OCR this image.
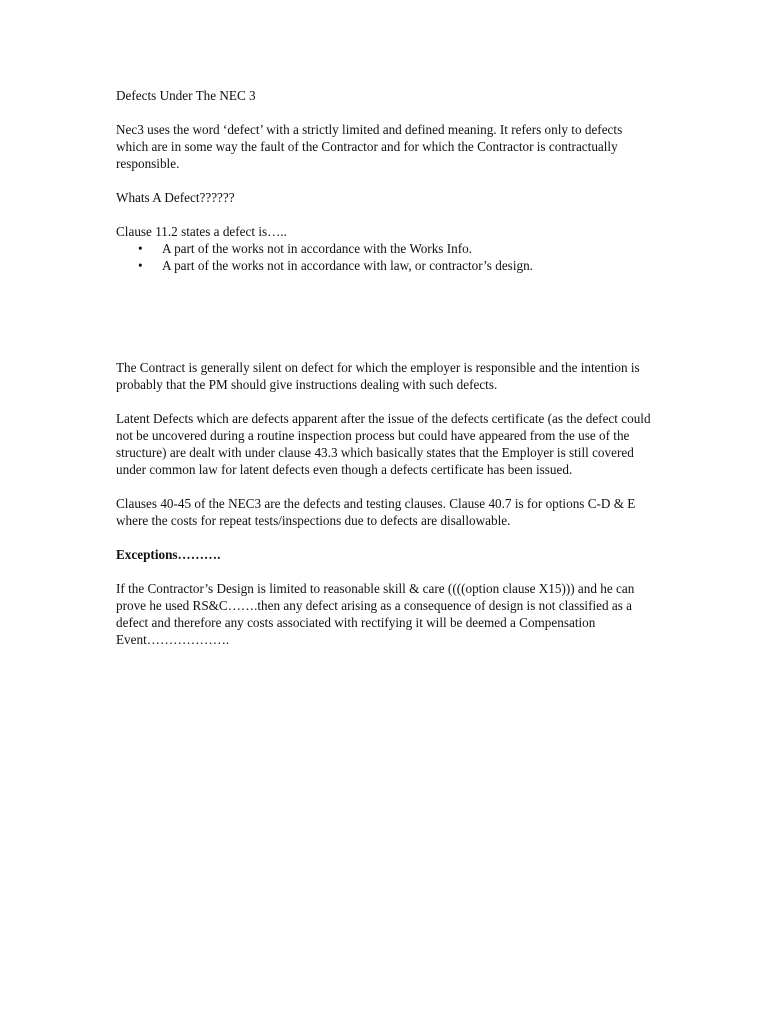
Defects Under The NEC 3

Nec3 uses the word ‘defect’ with a strictly limited and defined meaning. It refers only to defects which are in some way the fault of the Contractor and for which the Contractor is contractually responsible.

Whats A Defect??????

Clause 11.2 states a defect is…..

• A part of the works not in accordance with the Works Info.
• A part of the works not in accordance with law, or contractor’s design.

The Contract is generally silent on defect for which the employer is responsible and the intention is probably that the PM should give instructions dealing with such defects.

Latent Defects which are defects apparent after the issue of the defects certificate (as the defect could not be uncovered during a routine inspection process but could have appeared from the use of the structure) are dealt with under clause 43.3 which basically states that the Employer is still covered under common law for latent defects even though a defects certificate has been issued.

Clauses 40-45 of the NEC3 are the defects and testing clauses. Clause 40.7 is for options C-D & E where the costs for repeat tests/inspections due to defects are disallowable.

Exceptions……….

If the Contractor’s Design is limited to reasonable skill & care ((((option clause X15))) and he can prove he used RS&C…….then any defect arising as a consequence of design is not classified as a defect and therefore any costs associated with rectifying it will be deemed a Compensation Event……………….
